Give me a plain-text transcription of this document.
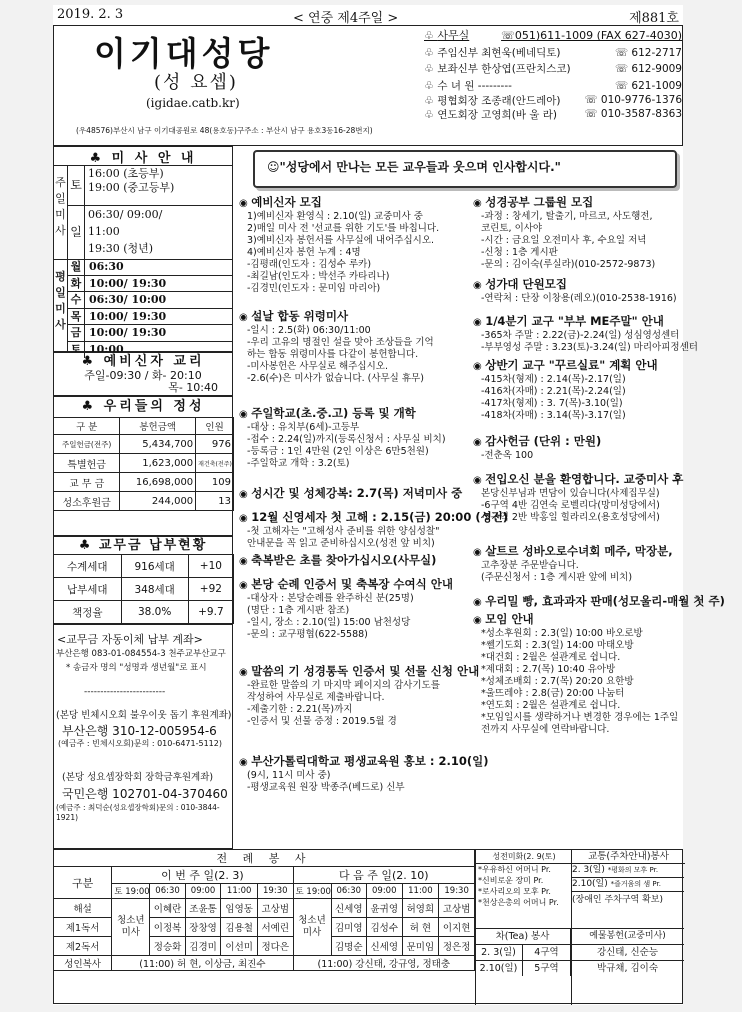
2019. 2. 3	< 연중 제4주일 >	제881호
이기대성당
(성 요셉)
(igidae.catb.kr)
(우48576)부산시 남구 이기대공원로 48(용호동)구주소 : 부산시 남구 용호3동16-28번지)
♧ 사무실	☏051)611-1009 (FAX 627-4030)
♧ 주임신부 최현욱(베네딕토)	☏ 612-2717
♧ 보좌신부 한상엽(프란치스코)	☏ 612-9009
♧ 수 녀 원 ---------	☏ 621-1009
♧ 평협회장 조종래(안드레아) ☏ 010-9776-1376
♧ 연도회장 고영희(바 울 라)	☏ 010-3587-8363
♣ 미 사 안 내
주일미사
토
16:00 (초등부)
19:00 (중고등부)
일
06:30/ 09:00/
11:00
19:30 (청년)
평일미사
월 06:30
화 10:00/ 19:30
수 06:30/ 10:00
목 10:00/ 19:30
금 10:00/ 19:30
토 10:00
♣ 예비신자 교리
주일-09:30 / 화- 20:10
목- 10:40
♣ 우리들의 정성
구 분	봉헌금액	인원
주일헌금(전주)	5,434,700	976
특별헌금	1,623,000	재건축(전주)
교 무 금	16,698,000	109
성소후원금	244,000	13
♣ 교무금 납부현황
수계세대	916세대	+10
납부세대	348세대	+92
책정율	38.0%	+9.7
<교무금 자동이체 납부 계좌>
부산은행 083-01-084554-3 천주교부산교구
* 송금자 명의 "성명과 생년월"로 표시
-------------------------
(본당 빈체시오회 불우이웃 돕기 후원계좌)
부산은행 310-12-005954-6
(예금주 : 빈체시오회)문의 : 010-6471-5112)
(본당 성요셉장학회 장학금후원계좌)
국민은행 102701-04-370460
(예금주 : 최덕순(성요셉장학회)문의 : 010-3844-1921)
☺"성당에서 만나는 모든 교우들과 웃으며 인사합시다."
◉ 예비신자 모집
1)예비신자 환영식 : 2.10(일) 교중미사 중
2)매일 미사 전 '선교를 위한 기도'를 바칩니다.
3)예비신자 봉헌서를 사무실에 내어주십시오.
4)예비신자 봉헌 누계 : 4명
-김평래(인도자 : 김성수 루카)
-최길남(인도자 : 박선주 카타리나)
-김경민(인도자 : 문미임 마리아)
◉ 설날 합동 위령미사
-일시 : 2.5(화) 06:30/11:00
-우리 고유의 명절인 설을 맞아 조상들을 기억
하는 합동 위령미사를 다같이 봉헌합니다.
-미사봉헌은 사무실로 해주십시오.
-2.6(수)은 미사가 없습니다. (사무실 휴무)
◉ 주일학교(초.중.고) 등록 및 개학
-대상 : 유치부(6세)-고등부
-접수 : 2.24(일)까지(등록신청서 : 사무실 비치)
-등록금 : 1인 4만원 (2인 이상은 6만5천원)
-주일학교 개학 : 3.2(토)
◉ 성시간 및 성체강복: 2.7(목) 저녁미사 중
◉ 12월 신영세자 첫 고해 : 2.15(금) 20:00 (성전)
-첫 고해자는 "고해성사 준비를 위한 양심성찰"
안내문을 꼭 읽고 준비하십시오(성전 앞 비치)
◉ 축복받은 초를 찾아가십시오(사무실)
◉ 본당 순례 인증서 및 축복장 수여식 안내
-대상자 : 본당순례를 완주하신 분(25명)
(명단 : 1층 게시판 참조)
-일시, 장소 : 2.10(일) 15:00 남천성당
-문의 : 교구평협(622-5588)
◉ 말씀의 기 성경통독 인증서 및 선물 신청 안내
-완료한 말씀의 기 마지막 페이지의 감사기도를
작성하여 사무실로 제출바랍니다.
-제출기한 : 2.21(목)까지
-인증서 및 선물 증정 : 2019.5월 경
◉ 부산가톨릭대학교 평생교육원 홍보 : 2.10(일)
(9시, 11시 미사 중)
-평생교육원 원장 박종주(베드로) 신부
◉ 성경공부 그룹원 모집
-과정 : 창세기, 탈출기, 마르코, 사도행전,
코린토, 이사야
-시간 : 금요일 오전미사 후, 수요일 저녁
-신청 : 1층 게시판
-문의 : 김이숙(루실라)(010-2572-9873)
◉ 성가대 단원모집
-연락처 : 단장 이창용(레오)(010-2538-1916)
◉ 1/4분기 교구 "부부 ME주말" 안내
-365차 주말 : 2.22(금)-2.24(일) 성심영성센터
-부부영성 주말 : 3.23(토)-3.24(일) 마리아피정센터
◉ 상반기 교구 "꾸르실료" 계획 안내
-415차(형제) : 2.14(목)-2.17(일)
-416차(자매) : 2.21(목)-2.24(일)
-417차(형제) : 3. 7(목)-3.10(일)
-418차(자매) : 3.14(목)-3.17(일)
◉ 감사헌금 (단위 : 만원)
-전춘옥 100
◉ 전입오신 분을 환영합니다. 교중미사 후
본당신부님과 면담이 있습니다(사제집무실)
-6구역 4반 김연숙 로벨리다(망미성당에서)
-5구역 2반 박홍일 힐라리오(용호성당에서)
◉ 살트르 성바오로수녀회 메주, 막장분,
고추장분 주문받습니다.
(주문신청서 : 1층 게시판 앞에 비치)
◉ 우리밀 빵, 효과과자 판매(성모울리-매월 첫 주)
◉ 모임 안내
*성소후원회 : 2.3(일) 10:00 바오로방
*쎌기도회 : 2.3(일) 14:00 마태오방
*대건회 : 2월은 설관계로 쉽니다.
*제대회 : 2.7(목) 10:40 유아방
*성체조배회 : 2.7(목) 20:20 요한방
*울뜨레야 : 2.8(금) 20:00 나눔터
*연도회 : 2월은 설관계로 쉽니다.
*모임일시를 생략하거나 변경한 경우에는 1주일
전까지 사무실에 연락바랍니다.
전 례 봉 사										
구분	이 번 주 일(2. 3)					다 음 주 일(2. 10)				
	토 19:00	06:30	09:00	11:00	19:30	토 19:00	06:30	09:00	11:00	19:30
해설	청소년미사	이혜란	조윤통	임영동	고상범	청소년미사	신세영	윤귀영	허영희	고상범
제1독서		이정복	장창영	김용철	서예린		김미영	김성수	허 현	이지현
제2독서		정승화	김경미	이선미	정다은		김명순	신세영	문미임	정은정
성인복사	(11:00) 허 현, 이상금, 최진수					(11:00) 강신태, 강규영, 정태충				
성전미화(2. 9(토)
*우유하신 어머니 Pr.
*신비로운 장미 Pr.
*로사리오의 모후 Pr.
*천상은총의 어머니 Pr.
교통(주차안내)봉사
2. 3(일) *평화의 모후 Pr.
2.10(일) *즐거움의 샘 Pr.
(장애인 주차구역 확보)
차(Tea) 봉사	예물봉헌(교중미사)
2. 3(일)	4구역	강신태, 신순능
2.10(일)	5구역	박규채, 김이숙
